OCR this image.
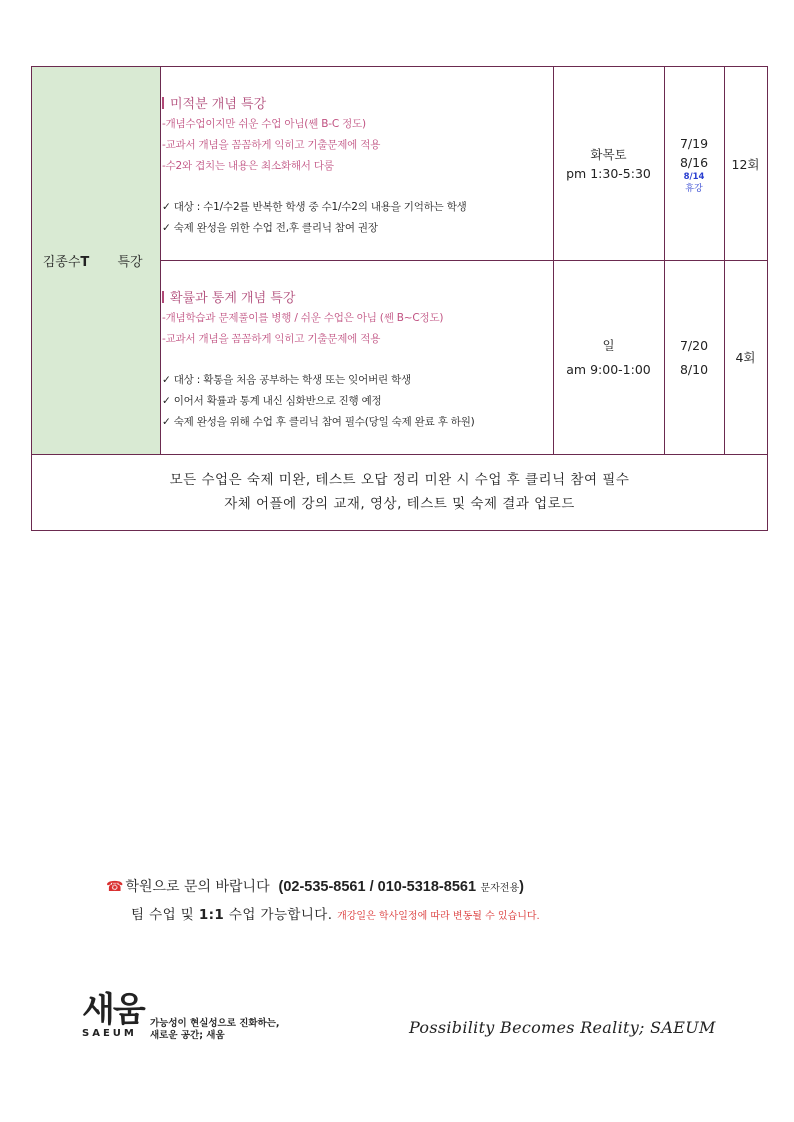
김종수T 특강
미적분 개념 특강
-개념수업이지만 쉬운 수업 아님(쎈 B-C 정도)
-교과서 개념을 꼼꼼하게 익히고 기출문제에 적용
-수2와 겹치는 내용은 최소화해서 다룸
✓ 대상 : 수1/수2를 반복한 학생 중 수1/수2의 내용을 기억하는 학생
✓ 숙제 완성을 위한 수업 전,후 클리닉 참여 권장
화목토
pm 1:30-5:30
7/19
8/16
8/14
휴강
12회
확률과 통계 개념 특강
-개념학습과 문제풀이를 병행 / 쉬운 수업은 아님 (쎈 B~C정도)
-교과서 개념을 꼼꼼하게 익히고 기출문제에 적용
✓ 대상 : 확통을 처음 공부하는 학생 또는 잊어버린 학생
✓ 이어서 확률과 통계 내신 심화반으로 진행 예정
✓ 숙제 완성을 위해 수업 후 클리닉 참여 필수(당일 숙제 완료 후 하원)
일
am 9:00-1:00
7/20
8/10
4회
모든 수업은 숙제 미완, 테스트 오답 정리 미완 시 수업 후 클리닉 참여 필수
자체 어플에 강의 교재, 영상, 테스트 및 숙제 결과 업로드
☎ 학원으로 문의 바랍니다 (02-535-8561 / 010-5318-8561 문자전용)
팀 수업 및 1:1 수업 가능합니다. 개강일은 학사일정에 따라 변동될 수 있습니다.
새움
SAEUM
가능성이 현실성으로 진화하는,
새로운 공간; 새움	Possibility Becomes Reality; SAEUM
